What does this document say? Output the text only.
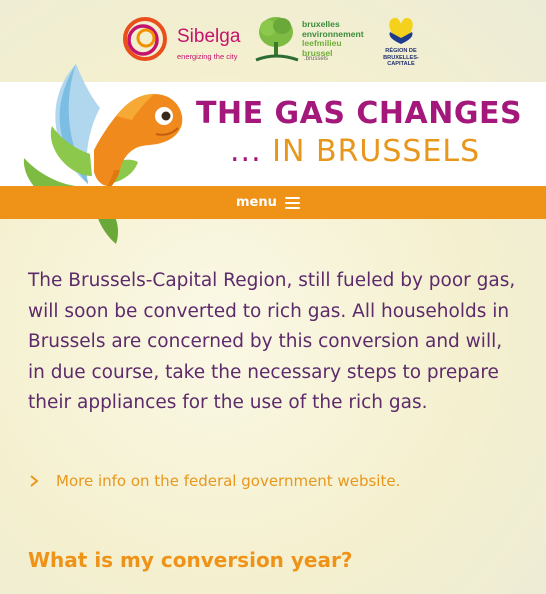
Sibelga
energizing the city
bruxelles
environnement
leefmilieu
brussel
.brussels
RÉGION DE
BRUXELLES-
CAPITALE
THE GAS CHANGES
... IN BRUSSELS
menu

The Brussels-Capital Region, still fueled by poor gas, will soon be converted to rich gas. All households in Brussels are concerned by this conversion and will, in due course, take the necessary steps to prepare their appliances for the use of the rich gas.

More info on the federal government website.
What is my conversion year?
